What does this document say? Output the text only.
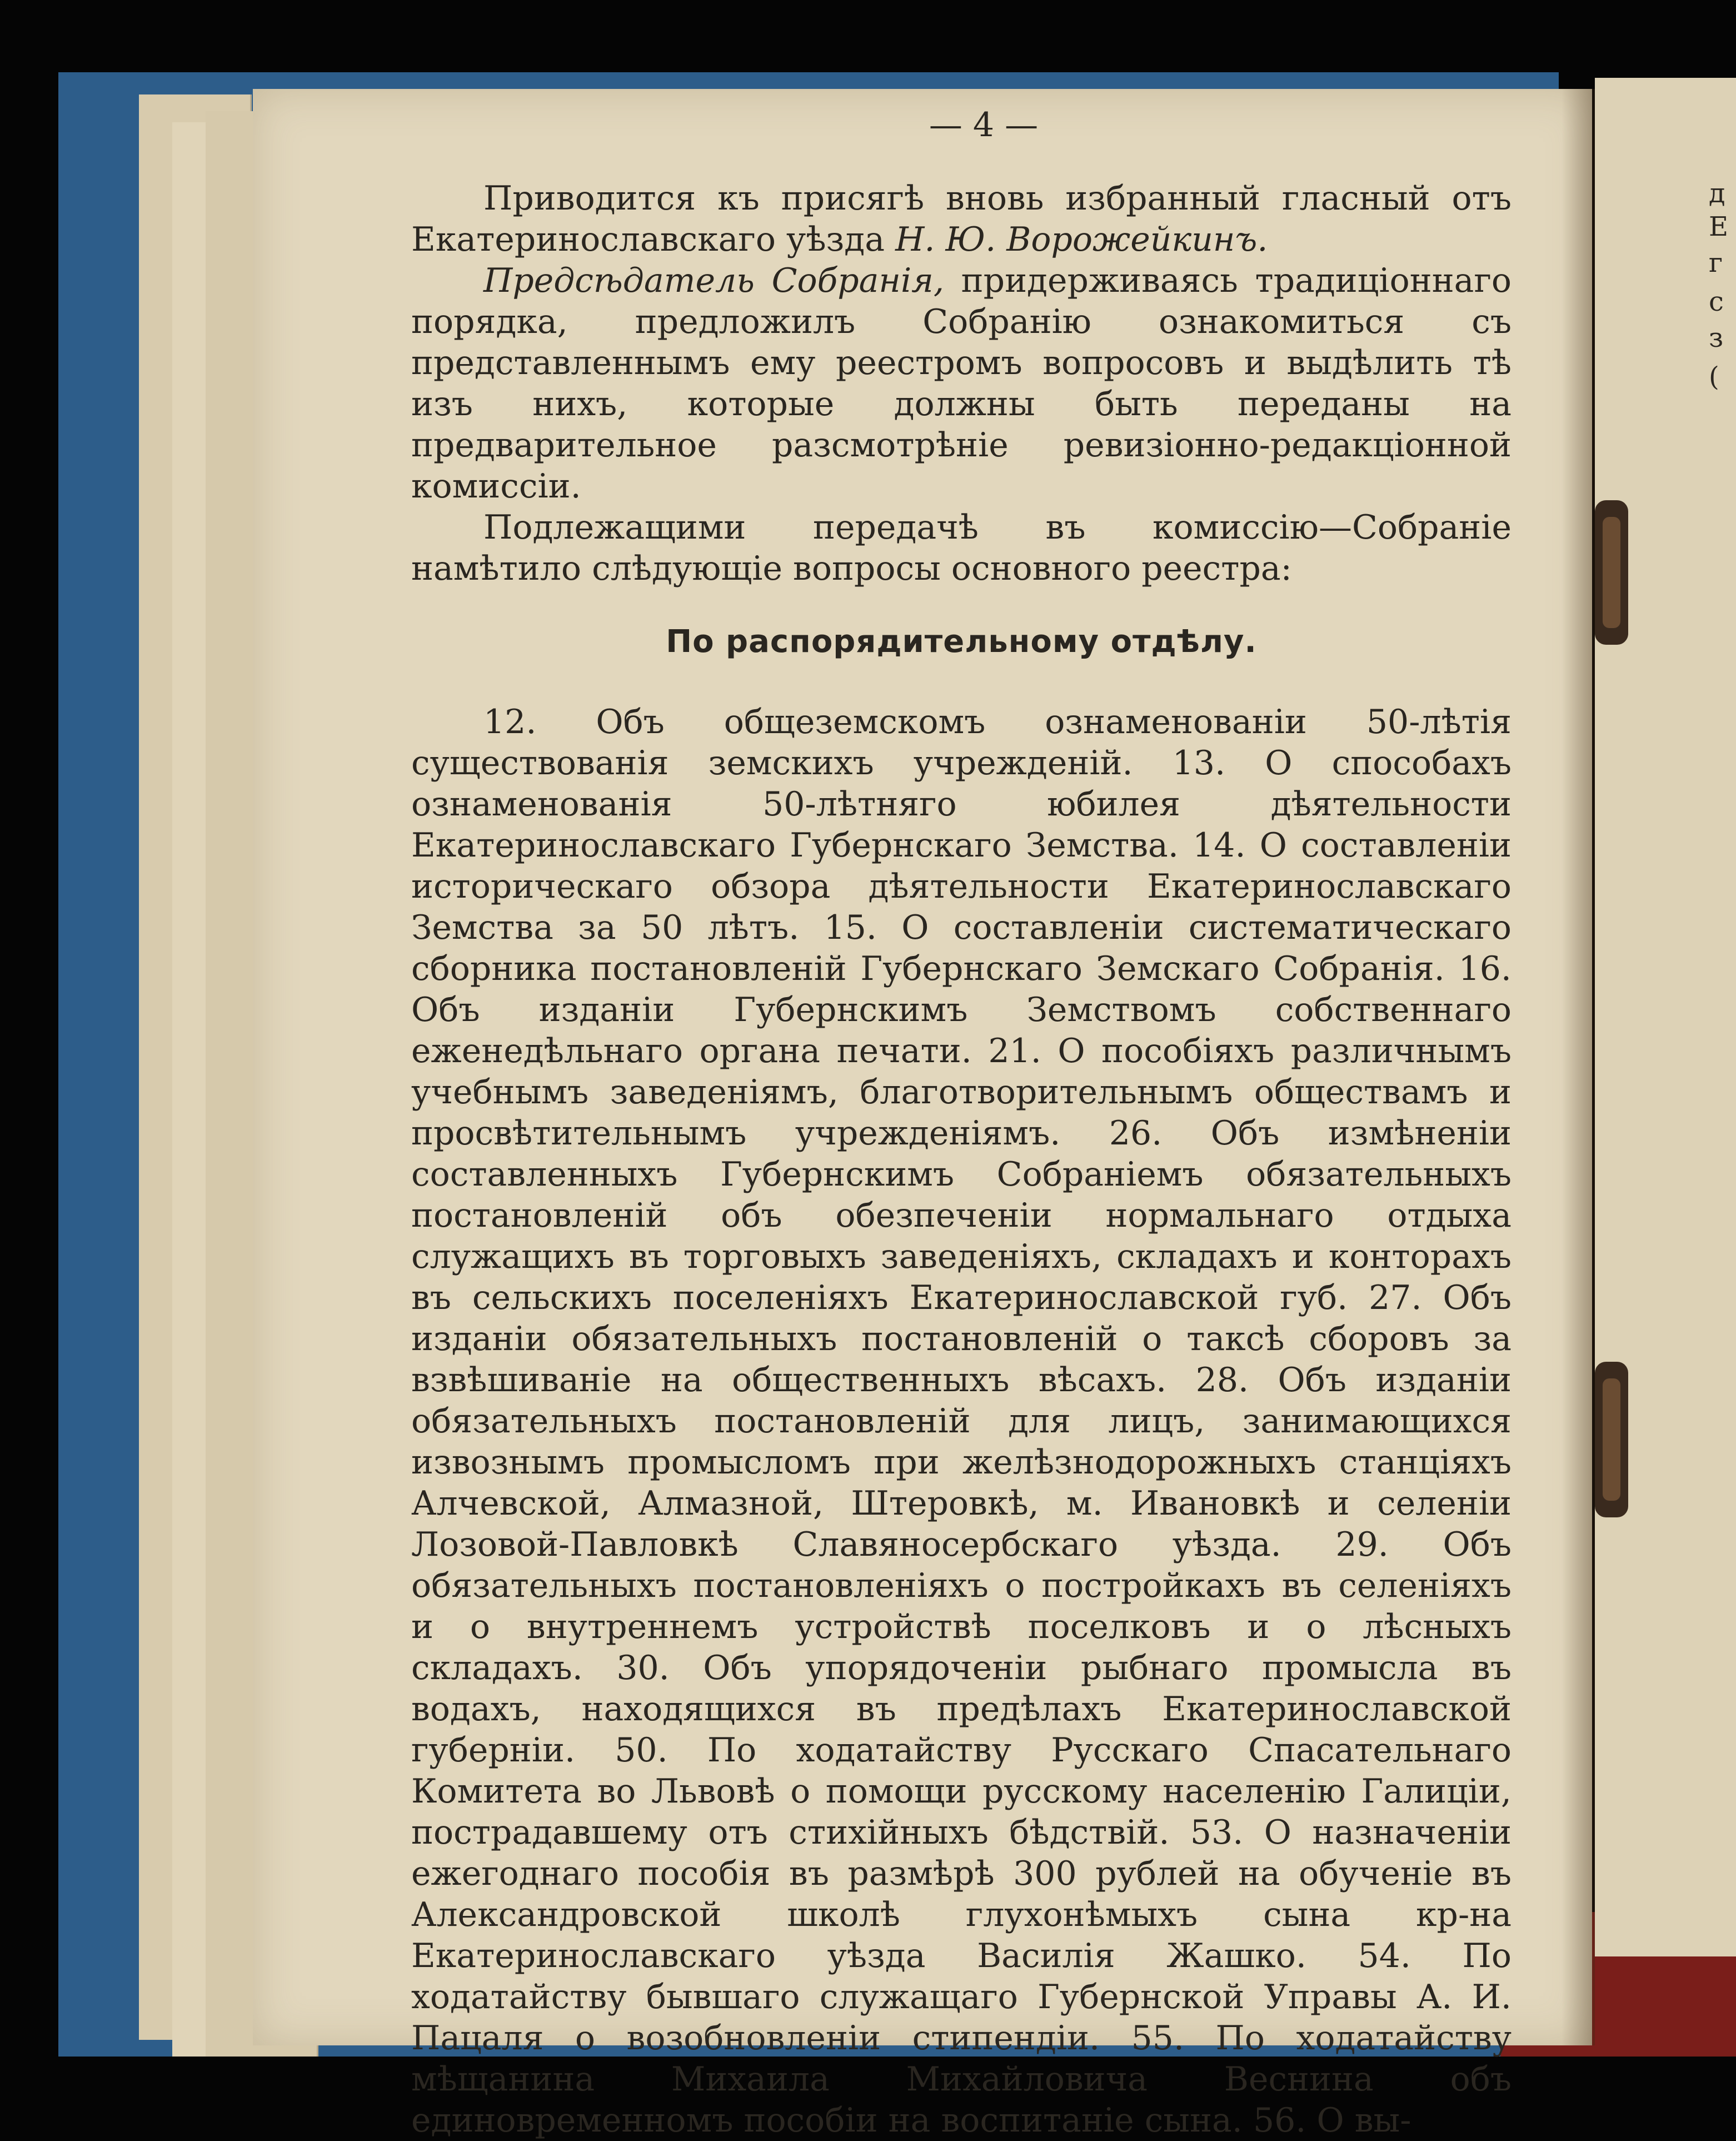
д
Е
г
с
з
(
— 4 —

Приводится къ присягѣ вновь избранный гласный отъ Екатеринославскаго уѣзда Н. Ю. Ворожейкинъ.

Предсѣдатель Собранія, придерживаясь традиціоннаго порядка, предложилъ Собранію ознакомиться съ представленнымъ ему реестромъ вопросовъ и выдѣлить тѣ изъ нихъ, которые должны быть переданы на предварительное разсмотрѣніе ревизіонно-редакціонной комиссіи.

Подлежащими передачѣ въ комиссію—Собраніе намѣтило слѣдующіе вопросы основного реестра:

По распорядительному отдѣлу.

12. Объ общеземскомъ ознаменованіи 50-лѣтія существованія земскихъ учрежденій. 13. О способахъ ознаменованія 50-лѣтняго юбилея дѣятельности Екатеринославскаго Губернскаго Земства. 14. О составленіи историческаго обзора дѣятельности Екатеринославскаго Земства за 50 лѣтъ. 15. О составленіи систематическаго сборника постановленій Губернскаго Земскаго Собранія. 16. Объ изданіи Губернскимъ Земствомъ собственнаго еженедѣльнаго органа печати. 21. О пособіяхъ различнымъ учебнымъ заведеніямъ, благотворительнымъ обществамъ и просвѣтительнымъ учрежденіямъ. 26. Объ измѣненіи составленныхъ Губернскимъ Собраніемъ обязательныхъ постановленій объ обезпеченіи нормальнаго отдыха служащихъ въ торговыхъ заведеніяхъ, складахъ и конторахъ въ сельскихъ поселеніяхъ Екатеринославской губ. 27. Объ изданіи обязательныхъ постановленій о таксѣ сборовъ за взвѣшиваніе на общественныхъ вѣсахъ. 28. Объ изданіи обязательныхъ постановленій для лицъ, занимающихся извознымъ промысломъ при желѣзнодорожныхъ станціяхъ Алчевской, Алмазной, Штеровкѣ, м. Ивановкѣ и селеніи Лозовой-Павловкѣ Славяносербскаго уѣзда. 29. Объ обязательныхъ постановленіяхъ о постройкахъ въ селеніяхъ и о внутреннемъ устройствѣ поселковъ и о лѣсныхъ складахъ. 30. Объ упорядоченіи рыбнаго промысла въ водахъ, находящихся въ предѣлахъ Екатеринославской губерніи. 50. По ходатайству Русскаго Спасательнаго Комитета во Львовѣ о помощи русскому населенію Галиціи, пострадавшему отъ стихійныхъ бѣдствій. 53. О назначеніи ежегоднаго пособія въ размѣрѣ 300 рублей на обученіе въ Александровской школѣ глухонѣмыхъ сына кр-на Екатеринославскаго уѣзда Василія Жашко. 54. По ходатайству бывшаго служащаго Губернской Управы А. И. Пацаля о возобновленіи стипендіи. 55. По ходатайству мѣщанина Михаила Михайловича Веснина объ единовременномъ пособіи на воспитаніе сына. 56. О вы-
